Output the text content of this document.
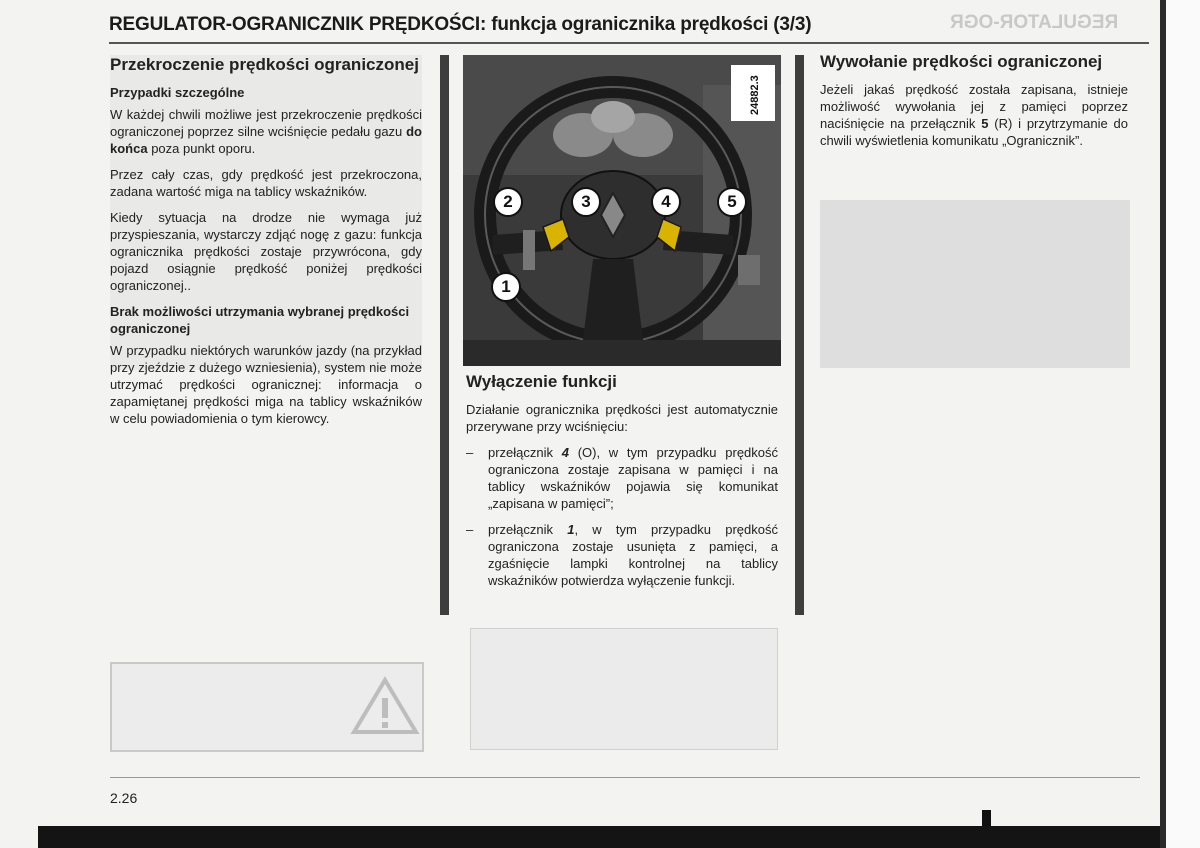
REGULATOR-OGR
REGULATOR-OGRANICZNIK PRĘDKOŚCI: funkcja ogranicznika prędkości (3/3)

Przekroczenie prędkości ograniczonej

Przypadki szczególne

W każdej chwili możliwe jest przekroczenie prędkości ograniczonej poprzez silne wciśnięcie pedału gazu do końca poza punkt oporu.

Przez cały czas, gdy prędkość jest przekroczona, zadana wartość miga na tablicy wskaźników.

Kiedy sytuacja na drodze nie wymaga już przyspieszania, wystarczy zdjąć nogę z gazu: funkcja ogranicznika prędkości zostaje przywrócona, gdy pojazd osiągnie prędkość poniżej prędkości ograniczonej..

Brak możliwości utrzymania wybranej prędkości ograniczonej

W przypadku niektórych warunków jazdy (na przykład przy zjeździe z dużego wzniesienia), system nie może utrzymać prędkości ogranicznej: informacja o zapamiętanej prędkości miga na tablicy wskaźników w celu powiadomienia o tym kierowcy.

2	3	4	5
1
24882.3

Wyłączenie funkcji

Działanie ogranicznika prędkości jest automatycznie przerywane przy wciśnięciu:

–	przełącznik 4 (O), w tym przypadku prędkość ograniczona zostaje zapisana w pamięci i na tablicy wskaźników pojawia się komunikat „zapisana w pamięci”;
–	przełącznik 1, w tym przypadku prędkość ograniczona zostaje usunięta z pamięci, a zgaśnięcie lampki kontrolnej na tablicy wskaźników potwierdza wyłączenie funkcji.

Wywołanie prędkości ograniczonej

Jeżeli jakaś prędkość została zapisana, istnieje możliwość wywołania jej z pamięci poprzez naciśnięcie na przełącznik 5 (R) i przytrzymanie do chwili wyświetlenia komunikatu „Ogranicznik”.

2.26
